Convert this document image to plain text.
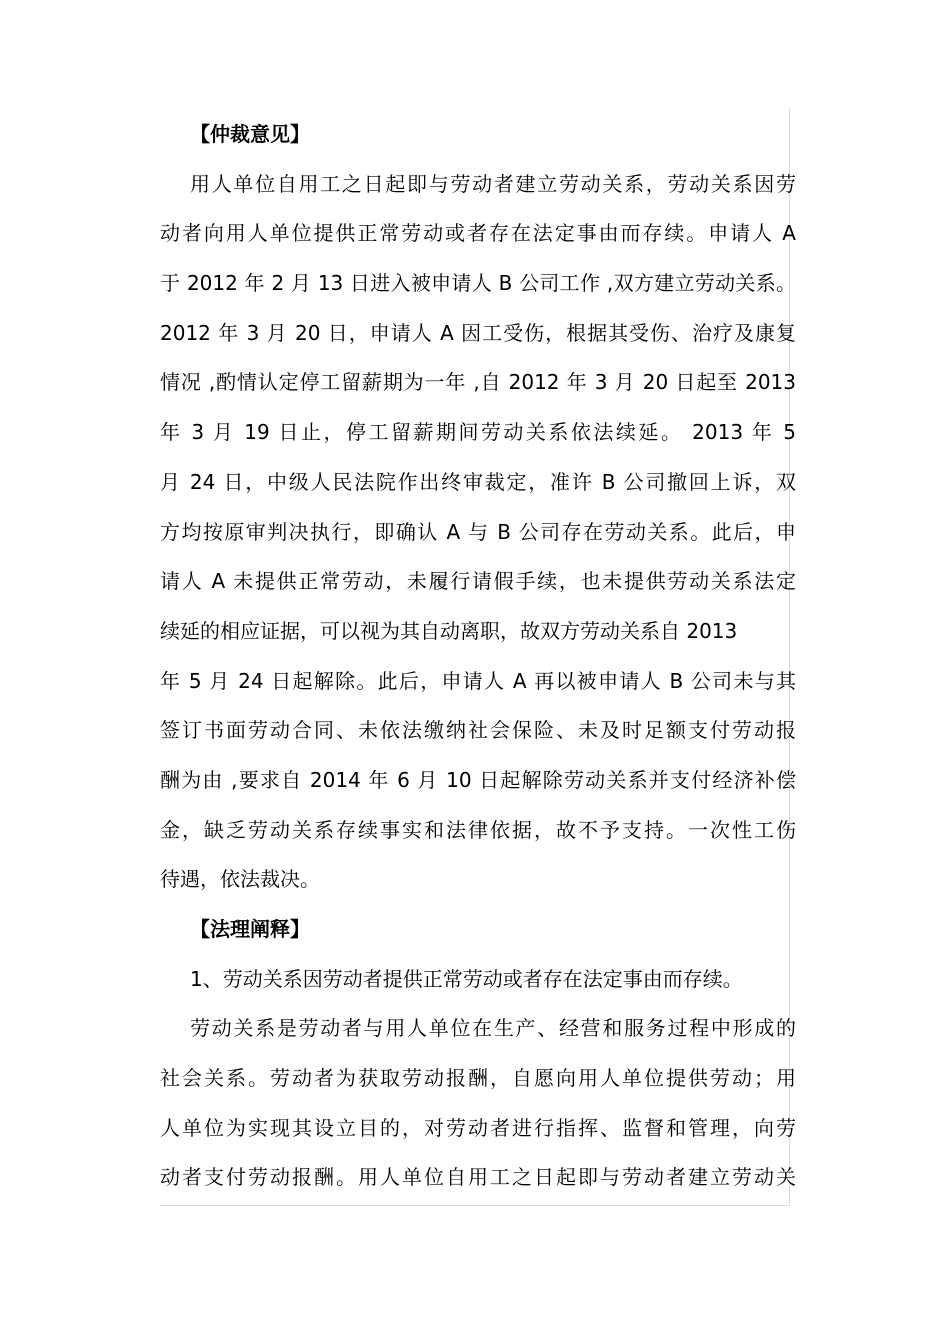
【仲裁意见】
用人单位自用工之日起即与劳动者建立劳动关系，劳动关系因劳
动者向用人单位提供正常劳动或者存在法定事由而存续。申请人 A
于 2012 年 2 月 13 日进入被申请人 B 公司工作 ,双方建立劳动关系。
2012 年 3 月 20 日，申请人 A 因工受伤，根据其受伤、治疗及康复
情况 ,酌情认定停工留薪期为一年 ,自 2012 年 3 月 20 日起至 2013
年 3 月 19 日止，停工留薪期间劳动关系依法续延。 2013 年 5
月 24 日，中级人民法院作出终审裁定，准许 B 公司撤回上诉，双
方均按原审判决执行，即确认 A 与 B 公司存在劳动关系。此后，申
请人 A 未提供正常劳动，未履行请假手续，也未提供劳动关系法定
续延的相应证据，可以视为其自动离职，故双方劳动关系自 2013
年 5 月 24 日起解除。此后，申请人 A 再以被申请人 B 公司未与其
签订书面劳动合同、未依法缴纳社会保险、未及时足额支付劳动报
酬为由 ,要求自 2014 年 6 月 10 日起解除劳动关系并支付经济补偿
金，缺乏劳动关系存续事实和法律依据，故不予支持。一次性工伤
待遇，依法裁决。
【法理阐释】
1、劳动关系因劳动者提供正常劳动或者存在法定事由而存续。
劳动关系是劳动者与用人单位在生产、经营和服务过程中形成的
社会关系。劳动者为获取劳动报酬，自愿向用人单位提供劳动；用
人单位为实现其设立目的，对劳动者进行指挥、监督和管理，向劳
动者支付劳动报酬。用人单位自用工之日起即与劳动者建立劳动关
